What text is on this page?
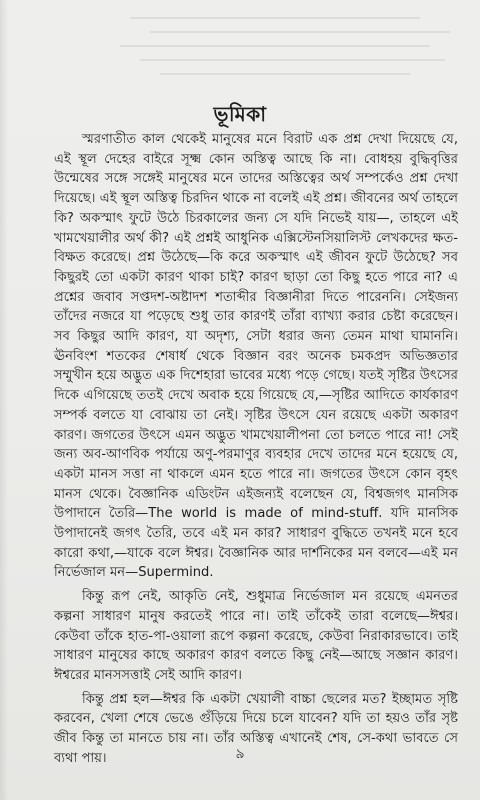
ভূমিকা

স্মরণাতীত কাল থেকেই মানুষের মনে বিরাট এক প্রশ্ন দেখা দিয়েছে যে, এই স্থূল দেহের বাইরে সূক্ষ্ম কোন অস্তিত্ব আছে কি না। বোধহয় বুদ্ধিবৃত্তির উন্মেষের সঙ্গে সঙ্গেই মানুষের মনে তাদের অস্তিত্বের অর্থ সম্পর্কেও প্রশ্ন দেখা দিয়েছে। এই স্থূল অস্তিত্ব চিরদিন থাকে না বলেই এই প্রশ্ন। জীবনের অর্থ তাহলে কি? অকস্মাৎ ফুটে উঠে চিরকালের জন্য সে যদি নিভেই যায়—, তাহলে এই খামখেয়ালীর অর্থ কী? এই প্রশ্নই আধুনিক এক্সিস্টেনসিয়ালিস্ট লেখকদের ক্ষত-বিক্ষত করেছে। প্রশ্ন উঠেছে—কি করে অকস্মাৎ এই জীবন ফুটে উঠেছে? সব কিছুরই তো একটা কারণ থাকা চাই? কারণ ছাড়া তো কিছু হতে পারে না? এ প্রশ্নের জবাব সপ্তদশ-অষ্টাদশ শতাব্দীর বিজ্ঞানীরা দিতে পারেননি। সেইজন্য তাঁদের নজরে যা পড়েছে শুধু তার কারণই তাঁরা ব্যাখ্যা করার চেষ্টা করেছেন। সব কিছুর আদি কারণ, যা অদৃশ্য, সেটা ধরার জন্য তেমন মাথা ঘামাননি। ঊনবিংশ শতকের শেষার্ধ থেকে বিজ্ঞান বরং অনেক চমকপ্রদ অভিজ্ঞতার সম্মুখীন হয়ে অদ্ভুত এক দিশেহারা ভাবের মধ্যে পড়ে গেছে। যতই সৃষ্টির উৎসের দিকে এগিয়েছে ততই দেখে অবাক হয়ে গিয়েছে যে,—সৃষ্টির আদিতে কার্যকারণ সম্পর্ক বলতে যা বোঝায় তা নেই। সৃষ্টির উৎসে যেন রয়েছে একটা অকারণ কারণ। জগতের উৎসে এমন অদ্ভুত খামখেয়ালীপনা তো চলতে পারে না! সেই জন্য অব-আণবিক পর্যায়ে অণু-পরমাণুর ব্যবহার দেখে তাদের মনে হয়েছে যে, একটা মানস সত্তা না থাকলে এমন হতে পারে না। জগতের উৎসে কোন বৃহৎ মানস থেকে। বৈজ্ঞানিক এডিংটন এইজন্যই বলেছেন যে, বিশ্বজগৎ মানসিক উপাদানে তৈরি—The world is made of mind-stuff. যদি মানসিক উপাদানেই জগৎ তৈরি, তবে এই মন কার? সাধারণ বুদ্ধিতে তখনই মনে হবে কারো কথা,—যাকে বলে ঈশ্বর। বৈজ্ঞানিক আর দার্শনিকের মন বলবে—এই মন নির্ভেজাল মন—Supermind.

কিন্তু রূপ নেই, আকৃতি নেই, শুধুমাত্র নির্ভেজাল মন রয়েছে এমনতর কল্পনা সাধারণ মানুষ করতেই পারে না। তাই তাঁকেই তারা বলেছে—ঈশ্বর। কেউবা তাঁকে হাত-পা-ওয়ালা রূপে কল্পনা করেছে, কেউবা নিরাকারভাবে। তাই সাধারণ মানুষের কাছে অকারণ কারণ বলতে কিছু নেই—আছে সজ্ঞান কারণ। ঈশ্বরের মানসসত্তাই সেই আদি কারণ।

কিন্তু প্রশ্ন হল—ঈশ্বর কি একটা খেয়ালী বাচ্চা ছেলের মত? ইচ্ছামত সৃষ্টি করবেন, খেলা শেষে ভেঙে গুঁড়িয়ে দিয়ে চলে যাবেন? যদি তা হয়ও তাঁর সৃষ্ট জীব কিন্তু তা মানতে চায় না। তাঁর অস্তিত্ব এখানেই শেষ, সে-কথা ভাবতে সে ব্যথা পায়।	৯
